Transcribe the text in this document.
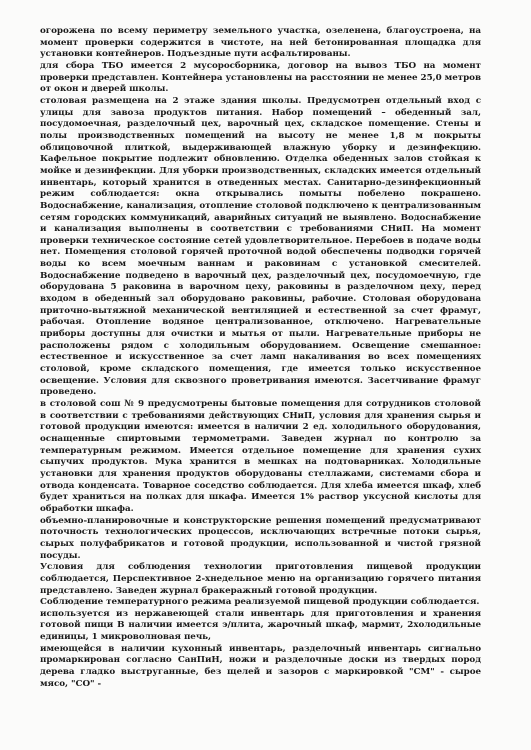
огорожена по всему периметру земельного участка, озеленена, благоустроена, на момент проверки содержится в чистоте, на ней бетонированная площадка для установки контейнеров. Подъездные пути асфальтированы.

для сбора ТБО имеется 2 мусоросборника, договор на вывоз ТБО на момент проверки представлен. Контейнера установлены на расстоянии не менее 25,0 метров от окон и дверей школы.

столовая размещена на 2 этаже здания школы. Предусмотрен отдельный вход с улицы для завоза продуктов питания. Набор помещений – обеденный зал, посудомоечная, разделочный цех, варочный цех, складское помещение. Стены и полы производственных помещений на высоту не менее 1,8 м покрыты облицовочной плиткой, выдерживающей влажную уборку и дезинфекцию. Кафельное покрытие подлежит обновлению. Отделка обеденных залов стойкая к мойке и дезинфекции. Для уборки производственных, складских имеется отдельный инвентарь, который хранится в отведенных местах. Санитарно-дезинфекционный режим соблюдается: окна открывались помыты побелено покрашено. Водоснабжение, канализация, отопление столовой подключено к централизованным сетям городских коммуникаций, аварийных ситуаций не выявлено. Водоснабжение и канализация выполнены в соответствии с требованиями СНиП. На момент проверки техническое состояние сетей удовлетворительное. Перебоев в подаче воды нет. Помещения столовой горячей проточной водой обеспечены подводки горячей воды ко всем моечным ваннам и раковинам с установкой смесителей. Водоснабжение подведено в варочный цех, разделочный цех, посудомоечную, где оборудована 5 раковина в варочном цеху, раковины в разделочном цеху, перед входом в обеденный зал оборудовано раковины, рабочие. Столовая оборудована приточно-вытяжной механической вентиляцией и естественной за счет фрамуг, рабочая. Отопление водяное централизованное, отключено. Нагревательные приборы доступны для очистки и мытья от пыли. Нагревательные приборы не расположены рядом с холодильным оборудованием. Освещение смешанное: естественное и искусственное за счет ламп накаливания во всех помещениях столовой, кроме складского помещения, где имеется только искусственное освещение. Условия для сквозного проветривания имеются. Засетчивание фрамуг проведено.

в столовой сош № 9 предусмотрены бытовые помещения для сотрудников столовой в соответствии с требованиями действующих СНиП, условия для хранения сырья и готовой продукции имеются: имеется в наличии 2 ед. холодильного оборудования, оснащенные спиртовыми термометрами. Заведен журнал по контролю за температурным режимом. Имеется отдельное помещение для хранения сухих сыпучих продуктов. Мука хранится в мешках на подтоварниках. Холодильные установки для хранения продуктов оборудованы стеллажами, системами сбора и отвода конденсата. Товарное соседство соблюдается. Для хлеба имеется шкаф, хлеб будет храниться на полках для шкафа. Имеется 1% раствор уксусной кислоты для обработки шкафа.

объемно-планировочные и конструкторские решения помещений предусматривают поточность технологических процессов, исключающих встречные потоки сырья, сырых полуфабрикатов и готовой продукции, использованной и чистой грязной посуды.

Условия для соблюдения технологии приготовления пищевой продукции соблюдается, Перспективное 2-хнедельное меню на организацию горячего питания представлено. Заведен журнал бракеражный готовой продукции.

Соблюдение температурного режима реализуемой пищевой продукции соблюдается.

используется из нержавеющей стали инвентарь для приготовления и хранения готовой пищи В наличии имеется э/плита, жарочный шкаф, мармит, 2холодильные единицы, 1 микроволновая печь,

имеющейся в наличии кухонный инвентарь, разделочный инвентарь сигнально промаркирован согласно СанПиН, ножи и разделочные доски из твердых пород дерева гладко выструганные, без щелей и зазоров с маркировкой "СМ" - сырое мясо, "СО" -
